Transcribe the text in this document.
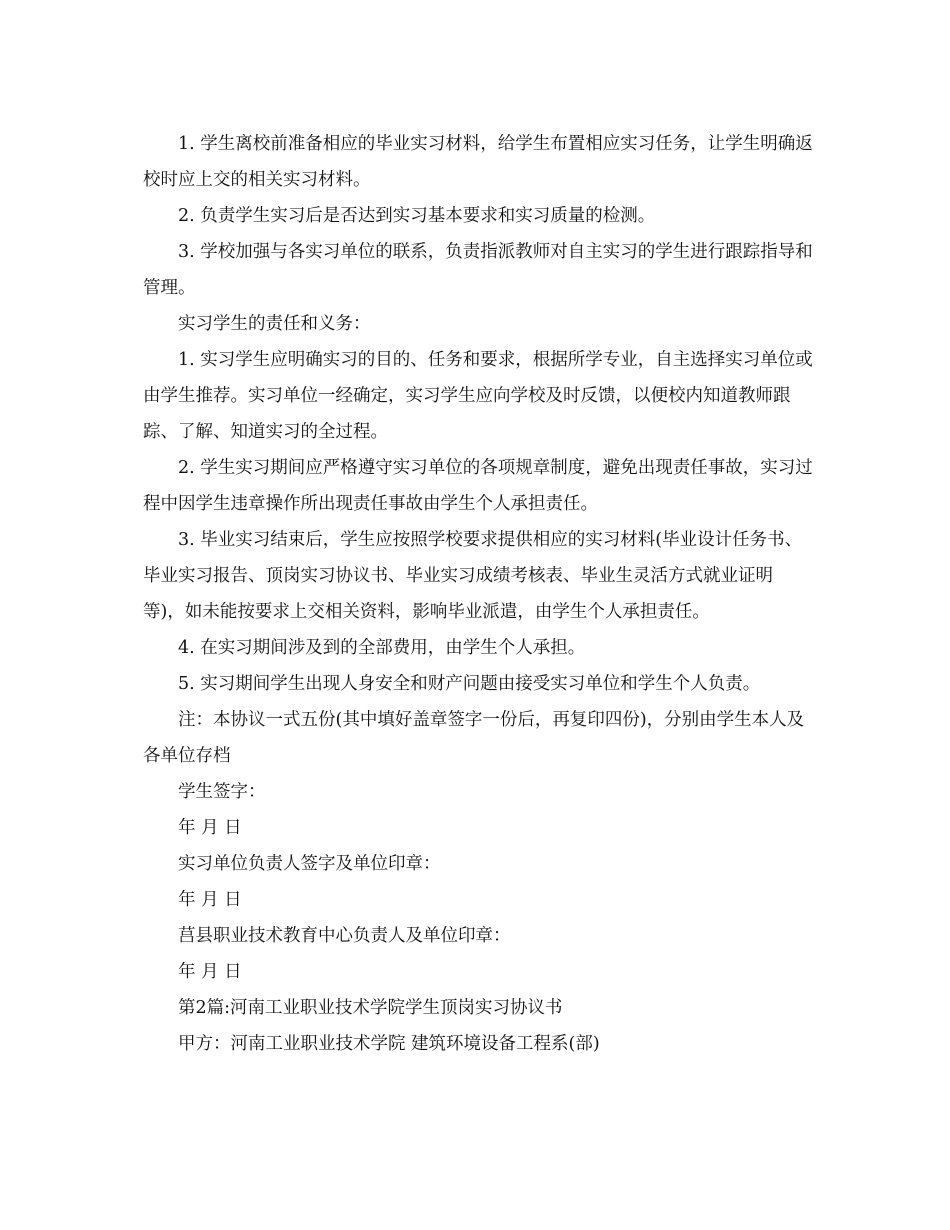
1. 学生离校前准备相应的毕业实习材料，给学生布置相应实习任务，让学生明确返校时应上交的相关实习材料。

2. 负责学生实习后是否达到实习基本要求和实习质量的检测。

3. 学校加强与各实习单位的联系，负责指派教师对自主实习的学生进行跟踪指导和管理。

实习学生的责任和义务：

1. 实习学生应明确实习的目的、任务和要求，根据所学专业，自主选择实习单位或由学生推荐。实习单位一经确定，实习学生应向学校及时反馈，以便校内知道教师跟踪、了解、知道实习的全过程。

2. 学生实习期间应严格遵守实习单位的各项规章制度，避免出现责任事故，实习过程中因学生违章操作所出现责任事故由学生个人承担责任。

3. 毕业实习结束后，学生应按照学校要求提供相应的实习材料(毕业设计任务书、毕业实习报告、顶岗实习协议书、毕业实习成绩考核表、毕业生灵活方式就业证明等)，如未能按要求上交相关资料，影响毕业派遣，由学生个人承担责任。

4. 在实习期间涉及到的全部费用，由学生个人承担。

5. 实习期间学生出现人身安全和财产问题由接受实习单位和学生个人负责。

注：本协议一式五份(其中填好盖章签字一份后，再复印四份)，分别由学生本人及各单位存档

学生签字：

年 月 日

实习单位负责人签字及单位印章：

年 月 日

莒县职业技术教育中心负责人及单位印章：

年 月 日

第2篇:河南工业职业技术学院学生顶岗实习协议书

甲方：河南工业职业技术学院 建筑环境设备工程系(部)
